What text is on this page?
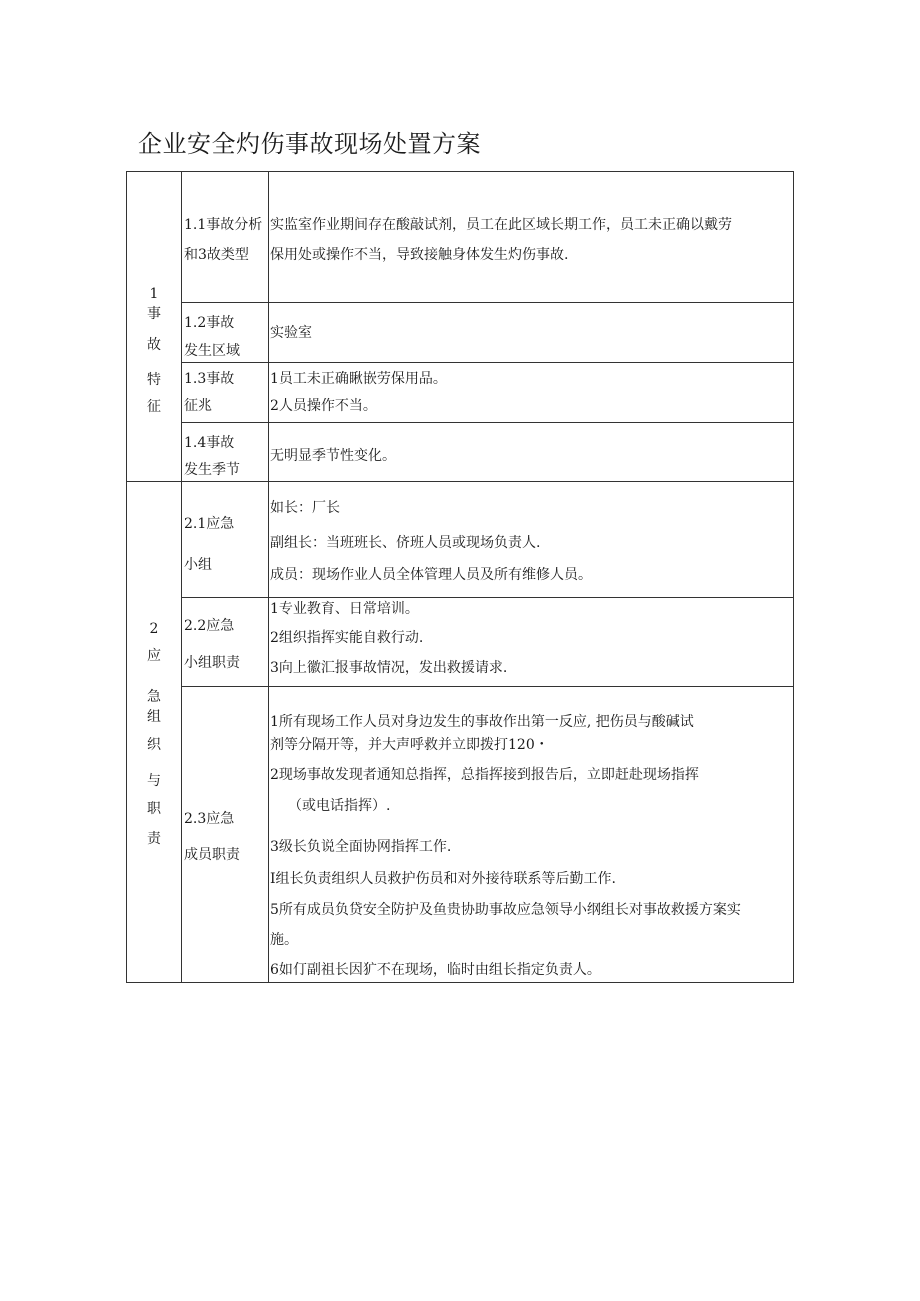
企业安全灼伤事故现场处置方案
1
事
故
特
征
1.1事故分析
和3故类型
实监室作业期间存在酸敲试剂，员工在此区域长期工作，员工未正确以戴劳
保用处或操作不当，导致接触身体发生灼伤事故.
1.2事故
发生区域
实验室
1.3事故
征兆
1员工未正确瞅嵌劳保用品。
2人员操作不当。
1.4事故
发生季节
无明显季节性变化。
2
应
急
组
织
与
职
责
2.1应急
小组
如长：厂长
副组长：当班班长、侪班人员或现场负责人.
成员：现场作业人员全体管理人员及所有维修人员。
2.2应急
小组职责
1专业教育、日常培训。
2组织指挥实能自救行动.
3向上徽汇报事故情况，发出救援请求.
2.3应急
成员职责
1所有现场工作人员对身边发生的事故作出第一反应, 把伤员与酸碱试
剂等分隔开等，并大声呼救并立即拨打120・
2现场事故发现者通知总指挥，总指挥接到报告后，立即赶赴现场指挥
（或电话指挥）.
3级长负说全面协网指挥工作.
I组长负责组织人员救护伤员和对外接待联系等后勤工作.
5所有成员负贷安全防护及鱼贵协助事故应急领导小纲组长对事故救援方案实
施。
6如仃副祖长因犷不在现场，临时由组长指定负责人。
